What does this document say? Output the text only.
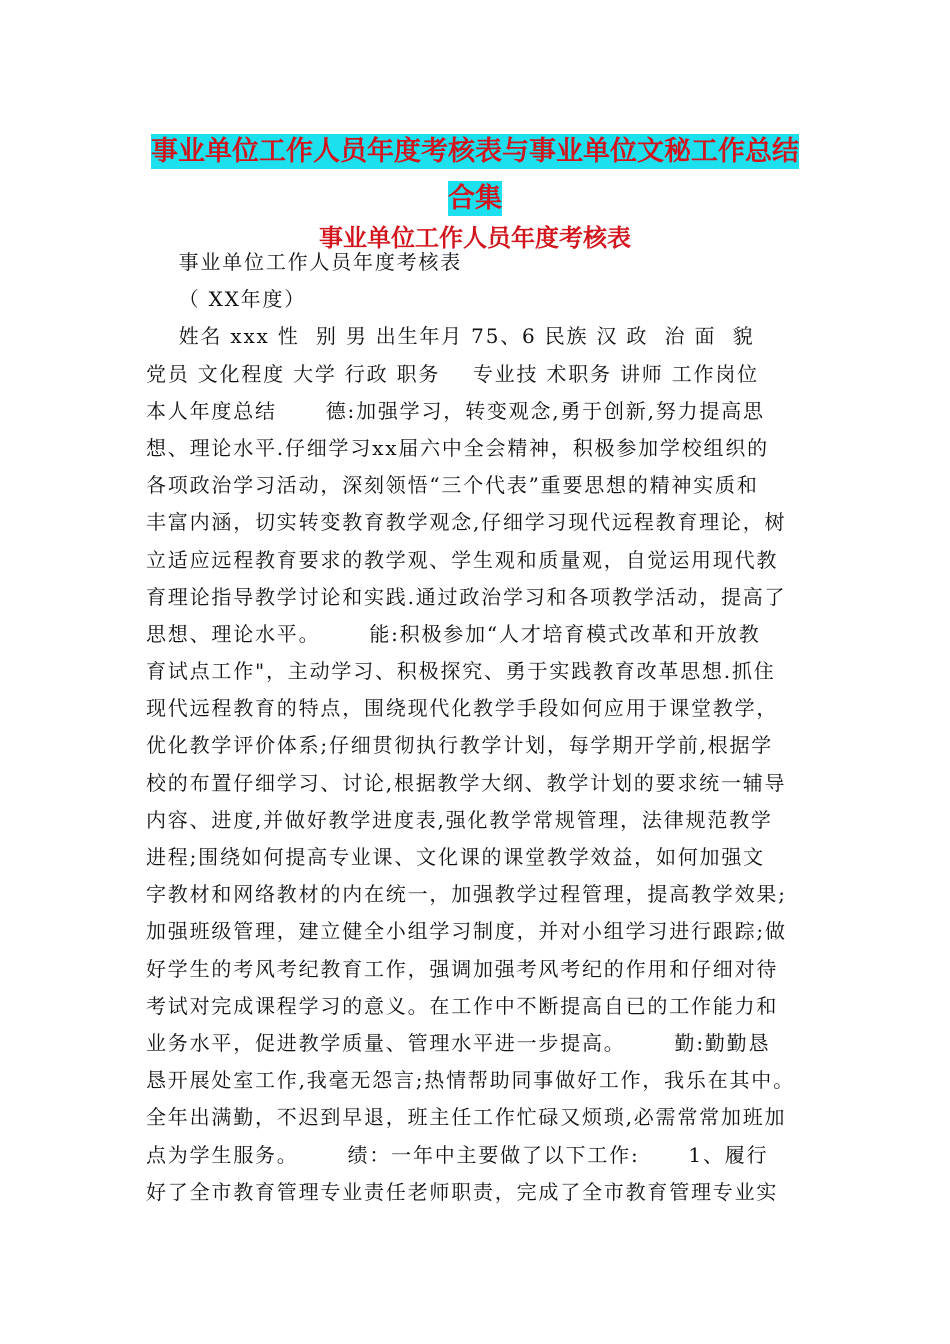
事业单位工作人员年度考核表与事业单位文秘工作总结
合集
事业单位工作人员年度考核表
事业单位工作人员年度考核表
（ XX年度）
姓名 xxx 性  别 男 出生年月 75、6 民族 汉 政  治 面  貌
党员 文化程度 大学 行政 职务    专业技 术职务 讲师 工作岗位
本人年度总结      德:加强学习，转变观念,勇于创新,努力提高思
想、理论水平.仔细学习xx届六中全会精神，积极参加学校组织的
各项政治学习活动，深刻领悟“三个代表”重要思想的精神实质和
丰富内涵，切实转变教育教学观念,仔细学习现代远程教育理论，树
立适应远程教育要求的教学观、学生观和质量观，自觉运用现代教
育理论指导教学讨论和实践.通过政治学习和各项教学活动，提高了
思想、理论水平。      能:积极参加“人才培育模式改革和开放教
育试点工作"，主动学习、积极探究、勇于实践教育改革思想.抓住
现代远程教育的特点，围绕现代化教学手段如何应用于课堂教学，
优化教学评价体系;仔细贯彻执行教学计划，每学期开学前,根据学
校的布置仔细学习、讨论,根据教学大纲、教学计划的要求统一辅导
内容、进度,并做好教学进度表,强化教学常规管理，法律规范教学
进程;围绕如何提高专业课、文化课的课堂教学效益，如何加强文
字教材和网络教材的内在统一，加强教学过程管理，提高教学效果;
加强班级管理，建立健全小组学习制度，并对小组学习进行跟踪;做
好学生的考风考纪教育工作，强调加强考风考纪的作用和仔细对待
考试对完成课程学习的意义。在工作中不断提高自已的工作能力和
业务水平，促进教学质量、管理水平进一步提高。      勤:勤勤恳
恳开展处室工作,我毫无怨言;热情帮助同事做好工作，我乐在其中。
全年出满勤，不迟到早退，班主任工作忙碌又烦琐,必需常常加班加
点为学生服务。      绩：一年中主要做了以下工作:      1、履行
好了全市教育管理专业责任老师职责，完成了全市教育管理专业实
